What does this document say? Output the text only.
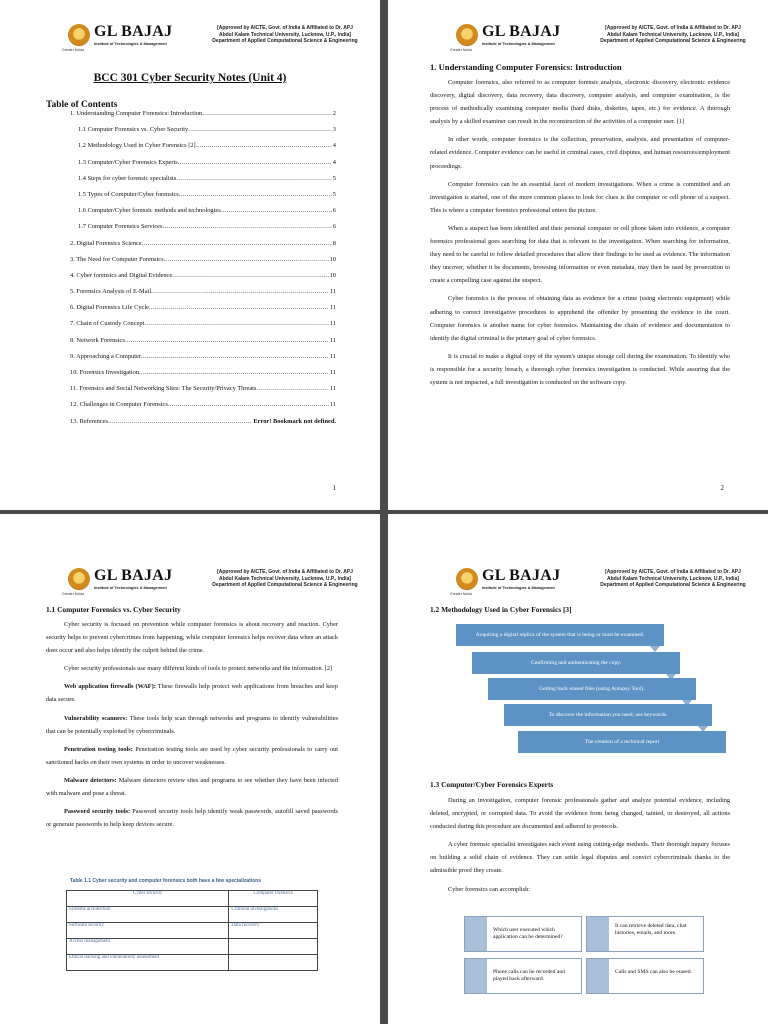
Greater Noida
GL BAJAJ
Institute of Technologies & Management
[Approved by AICTE, Govt. of India & Affiliated to Dr. APJ
Abdul Kalam Technical University, Lucknow, U.P., India]
Department of Applied Computational Science & Engineering
BCC 301 Cyber Security Notes (Unit 4)
Table of Contents
1. Understanding Computer Forensics: Introduction .....	2
1.1 Computer Forensics vs. Cyber Security .....	3
1.2 Methodology Used in Cyber Forensics [2] .....	4
1.3 Computer/Cyber Forensics Experts .....	4
1.4 Steps for cyber forensic specialists .....	5
1.5 Types of Computer/Cyber forensics .....	5
1.6 Computer/Cyber forensic methods and technologies .....	6
1.7 Computer Forensics Services .....	6
2. Digital Forensics Science .....	8
3. The Need for Computer Forensics .....	10
4. Cyber forensics and Digital Evidence .....	10
5. Forensics Analysis of E-Mail .....	11
6. Digital Forensics Life Cycle .....	11
7. Chain of Custody Concept .....	11
8. Network Forensics .....	11
9. Approaching a Computer .....	11
10. Forensics Investigation .....	11
11. Forensics and Social Networking Sites: The Security/Privacy Threats .....	11
12. Challenges in Computer Forensics .....	11
13. References .....	Error! Bookmark not defined.
1
Greater Noida
GL BAJAJ
Institute of Technologies & Management
[Approved by AICTE, Govt. of India & Affiliated to Dr. APJ
Abdul Kalam Technical University, Lucknow, U.P., India]
Department of Applied Computational Science & Engineering
1. Understanding Computer Forensics: Introduction

Computer forensics, also referred to as computer forensic analysis, electronic discovery, electronic evidence discovery, digital discovery, data recovery, data discovery, computer analysis, and computer examination, is the process of methodically examining computer media (hard disks, diskettes, tapes, etc.) for evidence. A thorough analysis by a skilled examiner can result in the reconstruction of the activities of a computer user. [1]

In other words, computer forensics is the collection, preservation, analysis, and presentation of computer-related evidence. Computer evidence can be useful in criminal cases, civil disputes, and human resources/employment proceedings.

Computer forensics can be an essential facet of modern investigations. When a crime is committed and an investigation is started, one of the more common places to look for clues is the computer or cell phone of a suspect. This is where a computer forensics professional enters the picture.

When a suspect has been identified and their personal computer or cell phone taken into evidence, a computer forensics professional goes searching for data that is relevant to the investigation. When searching for information, they need to be careful to follow detailed procedures that allow their findings to be used as evidence. The information they uncover, whether it be documents, browsing information or even metadata, may then be used by prosecution to create a compelling case against the suspect.

Cyber forensics is the process of obtaining data as evidence for a crime (using electronic equipment) while adhering to correct investigative procedures to apprehend the offender by presenting the evidence to the court. Computer forensics is another name for cyber forensics. Maintaining the chain of evidence and documentation to identify the digital criminal is the primary goal of cyber forensics.

It is crucial to make a digital copy of the system's unique storage cell during the examination. To identify who is responsible for a security breach, a thorough cyber forensics investigation is conducted. While assuring that the system is not impacted, a full investigation is conducted on the software copy.

2
Greater Noida
GL BAJAJ
Institute of Technologies & Management
[Approved by AICTE, Govt. of India & Affiliated to Dr. APJ
Abdul Kalam Technical University, Lucknow, U.P., India]
Department of Applied Computational Science & Engineering
1.1 Computer Forensics vs. Cyber Security

Cyber security is focused on prevention while computer forensics is about recovery and reaction. Cyber security helps to prevent cybercrimes from happening, while computer forensics helps recover data when an attack does occur and also helps identify the culprit behind the crime.

Cyber security professionals use many different kinds of tools to protect networks and the information. [2]

Web application firewalls (WAF): These firewalls help protect web applications from breaches and keep data secure.

Vulnerability scanners: These tools help scan through networks and programs to identify vulnerabilities that can be potentially exploited by cybercriminals.

Penetration testing tools: Penetration testing tools are used by cyber security professionals to carry out sanctioned hacks on their own systems in order to uncover weaknesses.

Malware detectors: Malware detectors review sites and programs to see whether they have been infected with malware and pose a threat.

Password security tools: Password security tools help identify weak passwords, autofill saved passwords or generate passwords to help keep devices secure.

Table 1.1 Cyber security and computer forensics both have a few specializations
Cyber security	Computer forensics
Systems architecture	Criminal investigations
Software security	Data recovery
Access management	
Ethical hacking and vulnerability assessment	
Greater Noida
GL BAJAJ
Institute of Technologies & Management
[Approved by AICTE, Govt. of India & Affiliated to Dr. APJ
Abdul Kalam Technical University, Lucknow, U.P., India]
Department of Applied Computational Science & Engineering
1.2 Methodology Used in Cyber Forensics [3]
Acquiring a digital replica of the system that is being or must be examined.
Confirming and authenticating the copy.
Getting back erased files (using Autopsy Tool).
To discover the information you need, use keywords.
The creation of a technical report
1.3 Computer/Cyber Forensics Experts

During an investigation, computer forensic professionals gather and analyze potential evidence, including deleted, encrypted, or corrupted data. To avoid the evidence from being changed, tainted, or destroyed, all actions conducted during this procedure are documented and adhered to protocols.

A cyber forensic specialist investigates each event using cutting-edge methods. Their thorough inquiry focuses on building a solid chain of evidence. They can settle legal disputes and convict cybercriminals thanks to the admissible proof they create.

Cyber forensics can accomplish:

Which user executed which application can be determined?
It can retrieve deleted data, chat histories, emails, and more.
Phone calls can be recorded and played back afterward.
Calls and SMS can also be erased.
